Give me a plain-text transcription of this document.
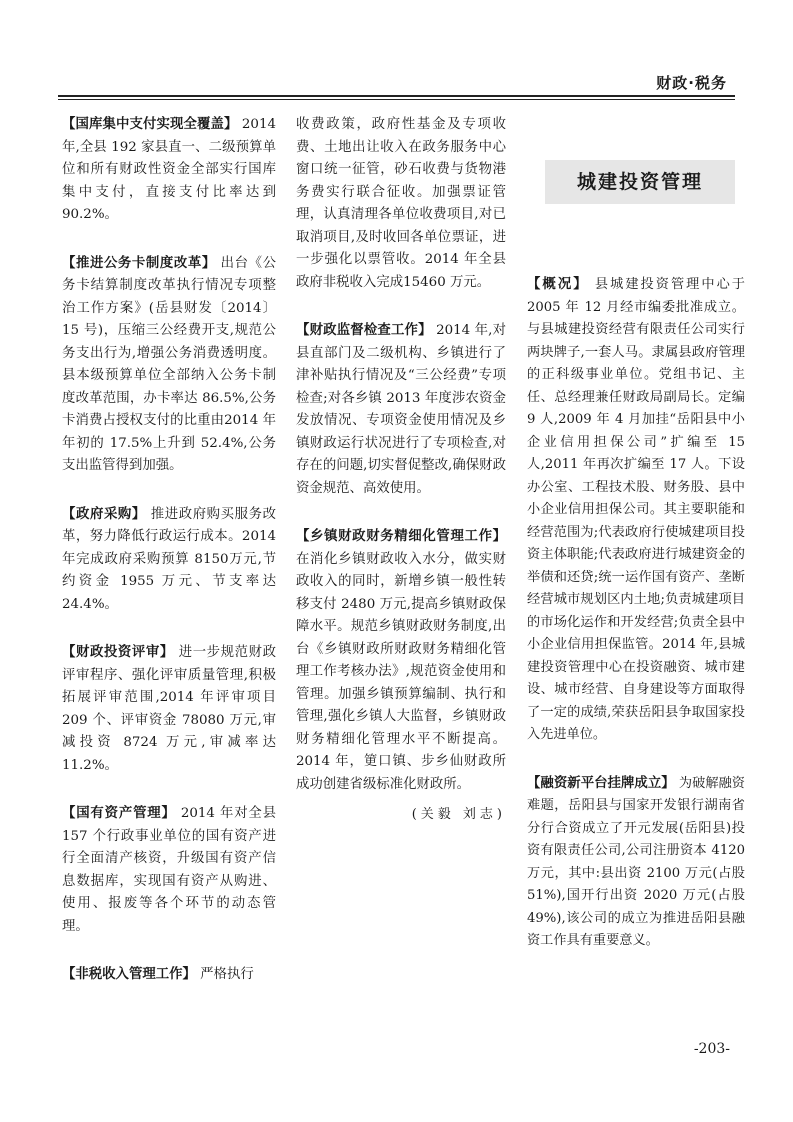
财政·税务

【国库集中支付实现全覆盖】 2014 年,全县 192 家县直一、二级预算单位和所有财政性资金全部实行国库集中支付，直接支付比率达到 90.2%。

【推进公务卡制度改革】 出台《公务卡结算制度改革执行情况专项整治工作方案》(岳县财发〔2014〕15 号)，压缩三公经费开支,规范公务支出行为,增强公务消费透明度。县本级预算单位全部纳入公务卡制度改革范围，办卡率达 86.5%,公务卡消费占授权支付的比重由2014 年年初的 17.5%上升到 52.4%,公务支出监管得到加强。

【政府采购】 推进政府购买服务改革，努力降低行政运行成本。2014 年完成政府采购预算 8150万元,节约资金 1955 万元、节支率达 24.4%。

【财政投资评审】 进一步规范财政评审程序、强化评审质量管理,积极拓展评审范围,2014 年评审项目 209 个、评审资金 78080 万元,审减投资 8724 万元,审减率达 11.2%。

【国有资产管理】 2014 年对全县 157 个行政事业单位的国有资产进行全面清产核资，升级国有资产信息数据库，实现国有资产从购进、使用、报废等各个环节的动态管理。

【非税收入管理工作】 严格执行

收费政策，政府性基金及专项收费、土地出让收入在政务服务中心窗口统一征管，砂石收费与货物港务费实行联合征收。加强票证管理，认真清理各单位收费项目,对已取消项目,及时收回各单位票证，进一步强化以票管收。2014 年全县政府非税收入完成15460 万元。

【财政监督检查工作】 2014 年,对县直部门及二级机构、乡镇进行了津补贴执行情况及“三公经费”专项检查;对各乡镇 2013 年度涉农资金发放情况、专项资金使用情况及乡镇财政运行状况进行了专项检查,对存在的问题,切实督促整改,确保财政资金规范、高效使用。

【乡镇财政财务精细化管理工作】在消化乡镇财政收入水分，做实财政收入的同时，新增乡镇一般性转移支付 2480 万元,提高乡镇财政保障水平。规范乡镇财政财务制度,出台《乡镇财政所财政财务精细化管理工作考核办法》,规范资金使用和管理。加强乡镇预算编制、执行和管理,强化乡镇人大监督，乡镇财政财务精细化管理水平不断提高。2014 年，筻口镇、步乡仙财政所成功创建省级标准化财政所。

(关毅 刘志)

城建投资管理

【概况】 县城建投资管理中心于2005 年 12 月经市编委批准成立。与县城建投资经营有限责任公司实行两块牌子,一套人马。隶属县政府管理的正科级事业单位。党组书记、主任、总经理兼任财政局副局长。定编 9 人,2009 年 4 月加挂“岳阳县中小企业信用担保公司”扩编至 15 人,2011 年再次扩编至 17 人。下设办公室、工程技术股、财务股、县中小企业信用担保公司。其主要职能和经营范围为;代表政府行使城建项目投资主体职能;代表政府进行城建资金的举债和还贷;统一运作国有资产、垄断经营城市规划区内土地;负责城建项目的市场化运作和开发经营;负责全县中小企业信用担保监管。2014 年,县城建投资管理中心在投资融资、城市建设、城市经营、自身建设等方面取得了一定的成绩,荣获岳阳县争取国家投入先进单位。

【融资新平台挂牌成立】 为破解融资难题，岳阳县与国家开发银行湖南省分行合资成立了开元发展(岳阳县)投资有限责任公司,公司注册资本 4120 万元，其中:县出资 2100 万元(占股 51%),国开行出资 2020 万元(占股 49%),该公司的成立为推进岳阳县融资工作具有重要意义。

-203-
